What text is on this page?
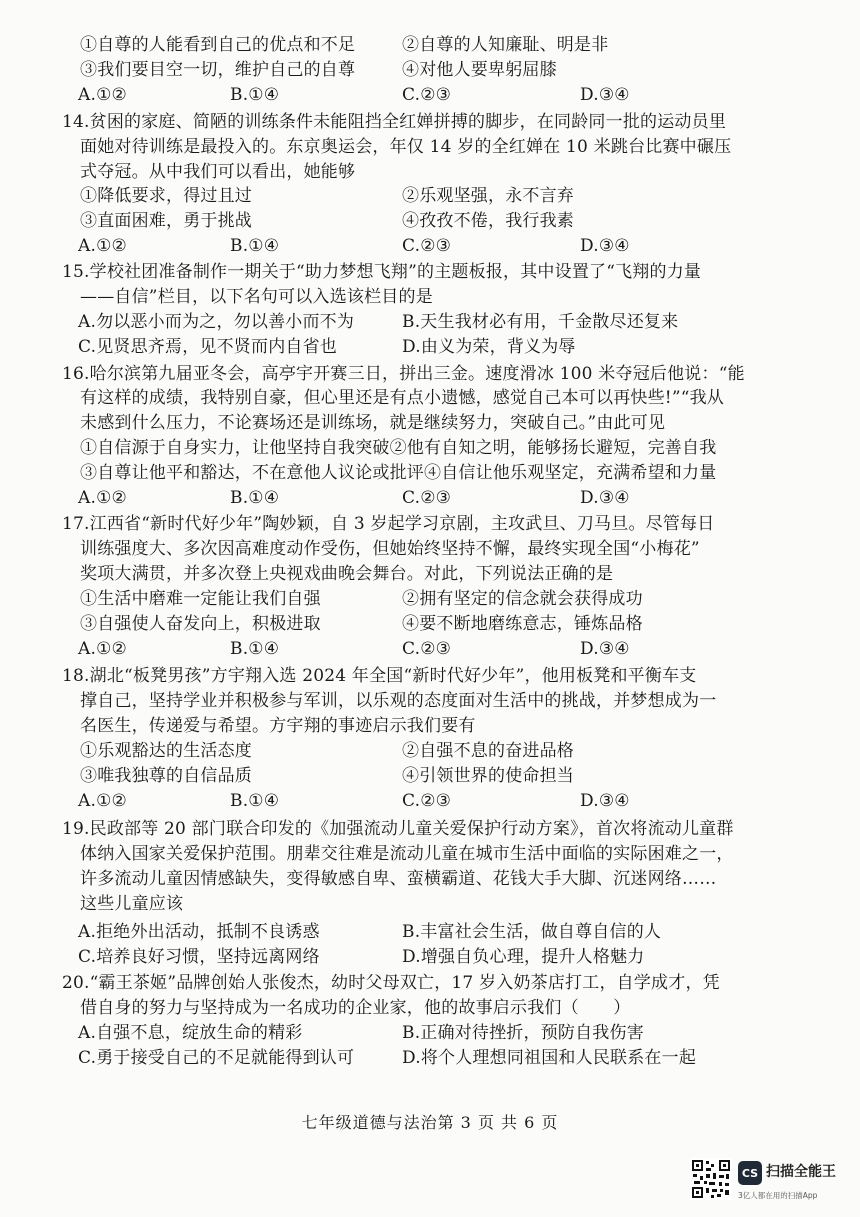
①自尊的人能看到自己的优点和不足	②自尊的人知廉耻、明是非
③我们要目空一切，维护自己的自尊	④对他人要卑躬屈膝
A.①②	B.①④	C.②③	D.③④
14.贫困的家庭、简陋的训练条件未能阻挡全红婵拼搏的脚步，在同龄同一批的运动员里
面她对待训练是最投入的。东京奥运会，年仅 14 岁的全红婵在 10 米跳台比赛中碾压
式夺冠。从中我们可以看出，她能够
①降低要求，得过且过	②乐观坚强，永不言弃
③直面困难，勇于挑战	④孜孜不倦，我行我素
A.①②	B.①④	C.②③	D.③④
15.学校社团准备制作一期关于“助力梦想飞翔”的主题板报，其中设置了“飞翔的力量
——自信”栏目，以下名句可以入选该栏目的是
A.勿以恶小而为之，勿以善小而不为	B.天生我材必有用，千金散尽还复来
C.见贤思齐焉，见不贤而内自省也	D.由义为荣，背义为辱
16.哈尔滨第九届亚冬会，高亭宇开赛三日，拼出三金。速度滑冰 100 米夺冠后他说：“能
有这样的成绩，我特别自豪，但心里还是有点小遗憾，感觉自己本可以再快些!”“我从
未感到什么压力，不论赛场还是训练场，就是继续努力，突破自己。”由此可见
①自信源于自身实力，让他坚持自我突破②他有自知之明，能够扬长避短，完善自我
③自尊让他平和豁达，不在意他人议论或批评④自信让他乐观坚定，充满希望和力量
A.①②	B.①④	C.②③	D.③④
17.江西省“新时代好少年”陶妙颖，自 3 岁起学习京剧，主攻武旦、刀马旦。尽管每日
训练强度大、多次因高难度动作受伤，但她始终坚持不懈，最终实现全国“小梅花”
奖项大满贯，并多次登上央视戏曲晚会舞台。对此，下列说法正确的是
①生活中磨难一定能让我们自强	②拥有坚定的信念就会获得成功
③自强使人奋发向上，积极进取	④要不断地磨练意志，锤炼品格
A.①②	B.①④	C.②③	D.③④
18.湖北“板凳男孩”方宇翔入选 2024 年全国“新时代好少年”，他用板凳和平衡车支
撑自己，坚持学业并积极参与军训，以乐观的态度面对生活中的挑战，并梦想成为一
名医生，传递爱与希望。方宇翔的事迹启示我们要有
①乐观豁达的生活态度	②自强不息的奋进品格
③唯我独尊的自信品质	④引领世界的使命担当
A.①②	B.①④	C.②③	D.③④
19.民政部等 20 部门联合印发的《加强流动儿童关爱保护行动方案》，首次将流动儿童群
体纳入国家关爱保护范围。朋辈交往难是流动儿童在城市生活中面临的实际困难之一，
许多流动儿童因情感缺失，变得敏感自卑、蛮横霸道、花钱大手大脚、沉迷网络……
这些儿童应该
A.拒绝外出活动，抵制不良诱惑	B.丰富社会生活，做自尊自信的人
C.培养良好习惯，坚持远离网络	D.增强自负心理，提升人格魅力
20.“霸王茶姬”品牌创始人张俊杰，幼时父母双亡，17 岁入奶茶店打工，自学成才，凭
借自身的努力与坚持成为一名成功的企业家，他的故事启示我们（　　）
A.自强不息，绽放生命的精彩	B.正确对待挫折，预防自我伤害
C.勇于接受自己的不足就能得到认可	D.将个人理想同祖国和人民联系在一起
七年级道德与法治第 3 页 共 6 页
CS 扫描全能王
3亿人都在用的扫描App
